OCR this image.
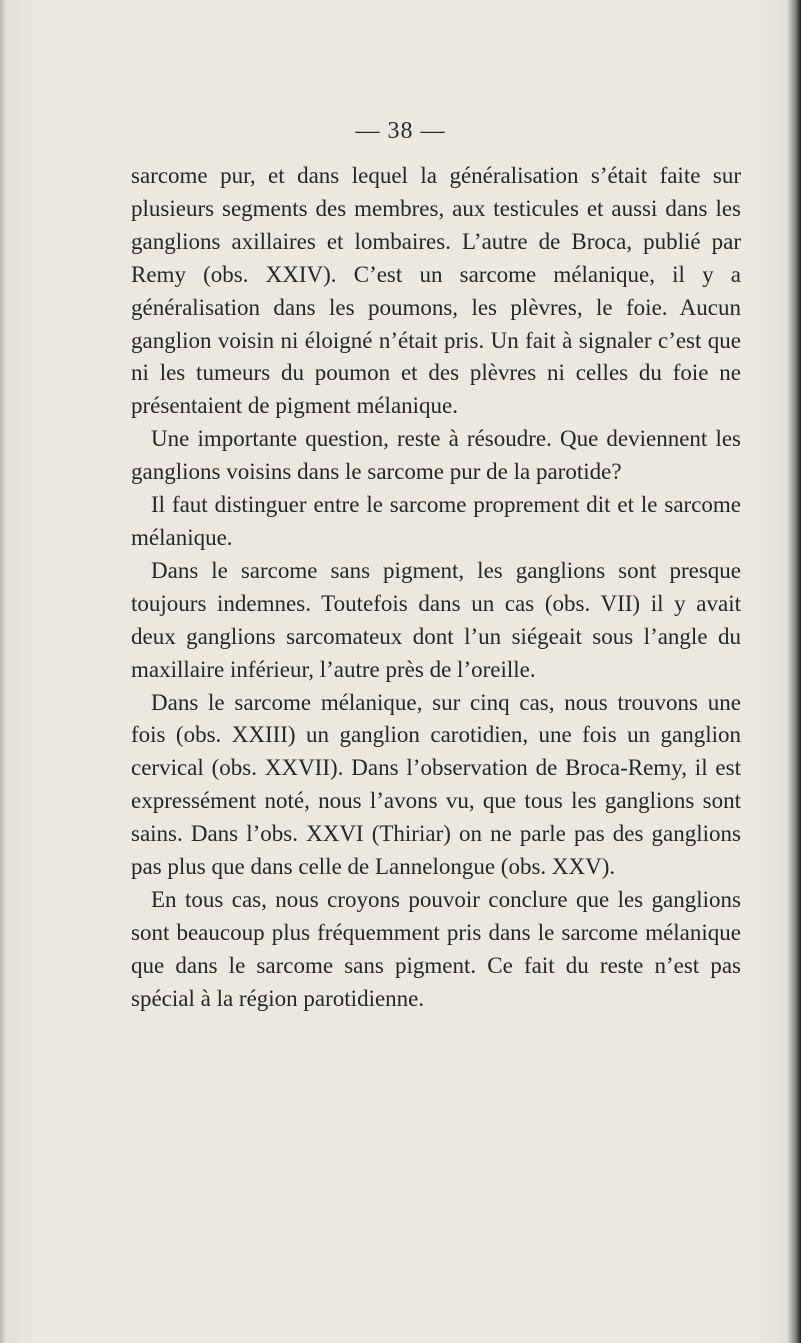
— 38 —

sarcome pur, et dans lequel la généralisation s’était faite sur plusieurs segments des membres, aux testicules et aussi dans les ganglions axillaires et lombaires. L’autre de Broca, publié par Remy (obs. XXIV). C’est un sarcome mélanique, il y a généralisation dans les poumons, les plèvres, le foie. Aucun ganglion voisin ni éloigné n’était pris. Un fait à signaler c’est que ni les tumeurs du poumon et des plèvres ni celles du foie ne présentaient de pigment mélanique.

Une importante question, reste à résoudre. Que deviennent les ganglions voisins dans le sarcome pur de la parotide?

Il faut distinguer entre le sarcome proprement dit et le sarcome mélanique.

Dans le sarcome sans pigment, les ganglions sont presque toujours indemnes. Toutefois dans un cas (obs. VII) il y avait deux ganglions sarcomateux dont l’un siégeait sous l’angle du maxillaire inférieur, l’autre près de l’oreille.

Dans le sarcome mélanique, sur cinq cas, nous trouvons une fois (obs. XXIII) un ganglion carotidien, une fois un ganglion cervical (obs. XXVII). Dans l’observation de Broca-Remy, il est expressément noté, nous l’avons vu, que tous les ganglions sont sains. Dans l’obs. XXVI (Thiriar) on ne parle pas des ganglions pas plus que dans celle de Lannelongue (obs. XXV).

En tous cas, nous croyons pouvoir conclure que les ganglions sont beaucoup plus fréquemment pris dans le sarcome mélanique que dans le sarcome sans pigment. Ce fait du reste n’est pas spécial à la région parotidienne.
